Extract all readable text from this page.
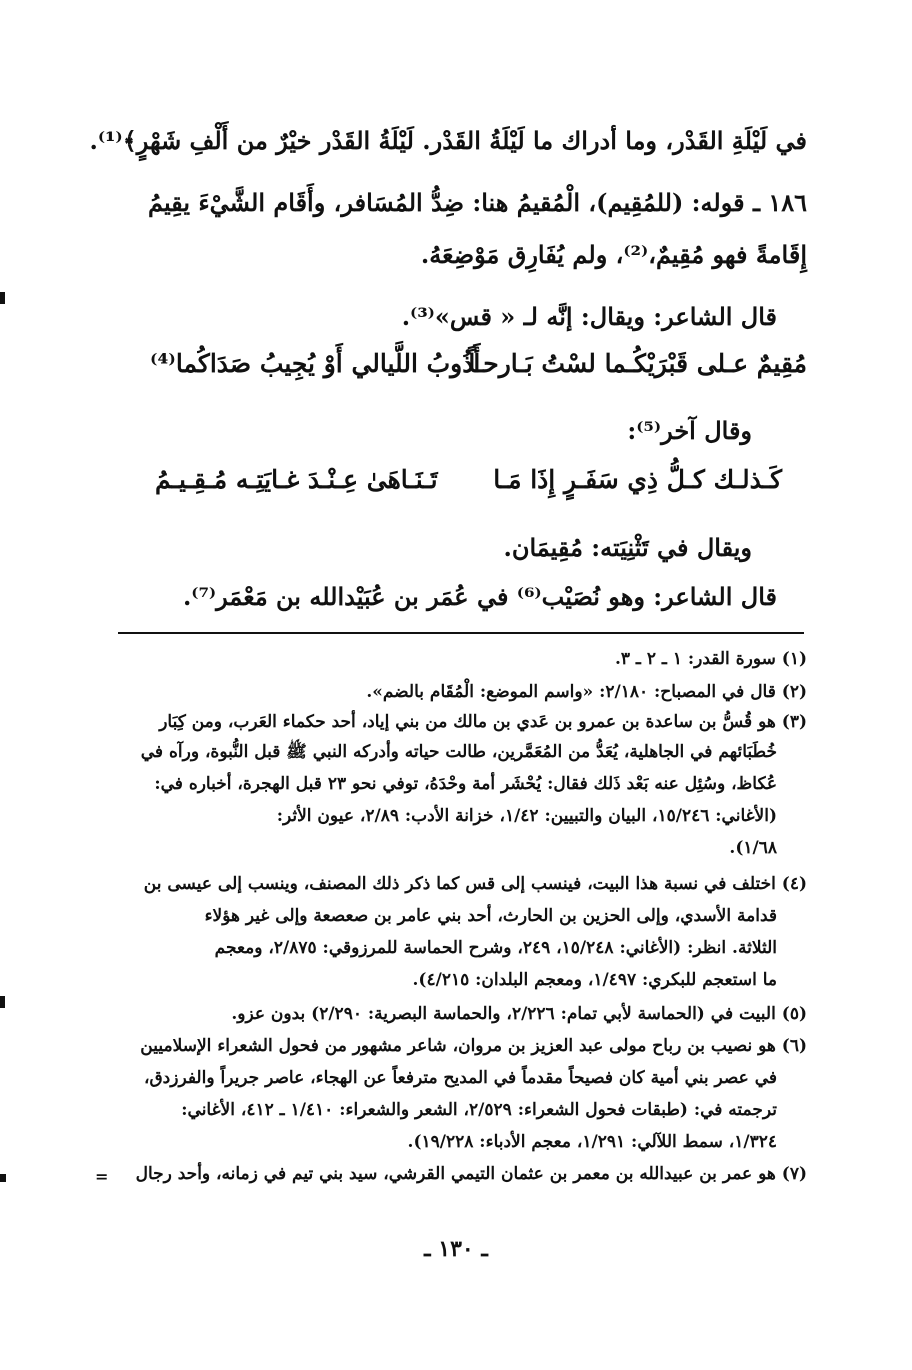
في لَيْلَةِ القَدْر، وما أدراك ما لَيْلَةُ القَدْر. لَيْلَةُ القَدْر خيْرٌ من أَلْفِ شَهْرٍ﴾⁽¹⁾.
١٨٦ ـ قوله: (للمُقِيم)، الْمُقيمُ هنا: ضِدُّ المُسَافر، وأَقَام الشَّيْءَ يقِيمُ
إِقَامةً فهو مُقِيمٌ،⁽²⁾، ولم يُفَارِق مَوْضِعَهُ.
قال الشاعر: ويقال: إنَّه لـ « قس»⁽³⁾.
مُقِيمٌ عـلى قَبْرَيْكُـما لسْتُ بَـارحـاً
أَذُوبُ اللَّيالي أَوْ يُجِيبُ صَدَاكُما⁽⁴⁾
وقال آخر⁽⁵⁾:
كَـذلـك كـلُّ ذِي سَفَـرٍ إِذَا مَـا
تَـنَـاهَىٰ عِـنْـدَ غـايَتِـه مُـقِـيـمُ
ويقال في تَثْنِيَته: مُقِيمَان.
قال الشاعر: وهو نُصَيْب⁽⁶⁾ في عُمَر بن عُبَيْدالله بن مَعْمَر⁽⁷⁾.
(١) سورة القدر: ١ ـ ٢ ـ ٣.
(٢) قال في المصباح: ٢/١٨٠: «واسم الموضع: الْمُقَام بالضم».
(٣) هو قُسُّ بن ساعدة بن عمرو بن عَدي بن مالك من بني إياد، أحد حكماء العَرب، ومن كِبَار
خُطَبَائهم في الجاهلية، يُعَدُّ من المُعَمَّرين، طالت حياته وأدركه النبي ﷺ قبل النُّبوة، ورآه في
عُكاظ، وسُئِل عنه بَعْد ذَلك فقال: يُحْشَر أمة وحْدَهُ، توفي نحو ٢٣ قبل الهجرة، أخباره في:
(الأغاني: ١٥/٢٤٦، البيان والتبيين: ١/٤٢، خزانة الأدب: ٢/٨٩، عيون الأثر:
١/٦٨).
(٤) اختلف في نسبة هذا البيت، فينسب إلى قس كما ذكر ذلك المصنف، وينسب إلى عيسى بن
قدامة الأسدي، وإلى الحزين بن الحارث، أحد بني عامر بن صعصعة وإلى غير هؤلاء
الثلاثة. انظر: (الأغاني: ١٥/٢٤٨، ٢٤٩، وشرح الحماسة للمرزوقي: ٢/٨٧٥، ومعجم
ما استعجم للبكري: ١/٤٩٧، ومعجم البلدان: ٤/٢١٥).
(٥) البيت في (الحماسة لأبي تمام: ٢/٢٢٦، والحماسة البصرية: ٢/٢٩٠) بدون عزو.
(٦) هو نصيب بن رباح مولى عبد العزيز بن مروان، شاعر مشهور من فحول الشعراء الإسلاميين
في عصر بني أمية كان فصيحاً مقدماً في المديح مترفعاً عن الهجاء، عاصر جريراً والفرزدق،
ترجمته في: (طبقات فحول الشعراء: ٢/٥٢٩، الشعر والشعراء: ١/٤١٠ ـ ٤١٢، الأغاني:
١/٣٢٤، سمط اللآلي: ١/٢٩١، معجم الأدباء: ١٩/٢٢٨).
(٧) هو عمر بن عبيدالله بن معمر بن عثمان التيمي القرشي، سيد بني تيم في زمانه، وأحد رجال
=
ـ ١٣٠ ـ
